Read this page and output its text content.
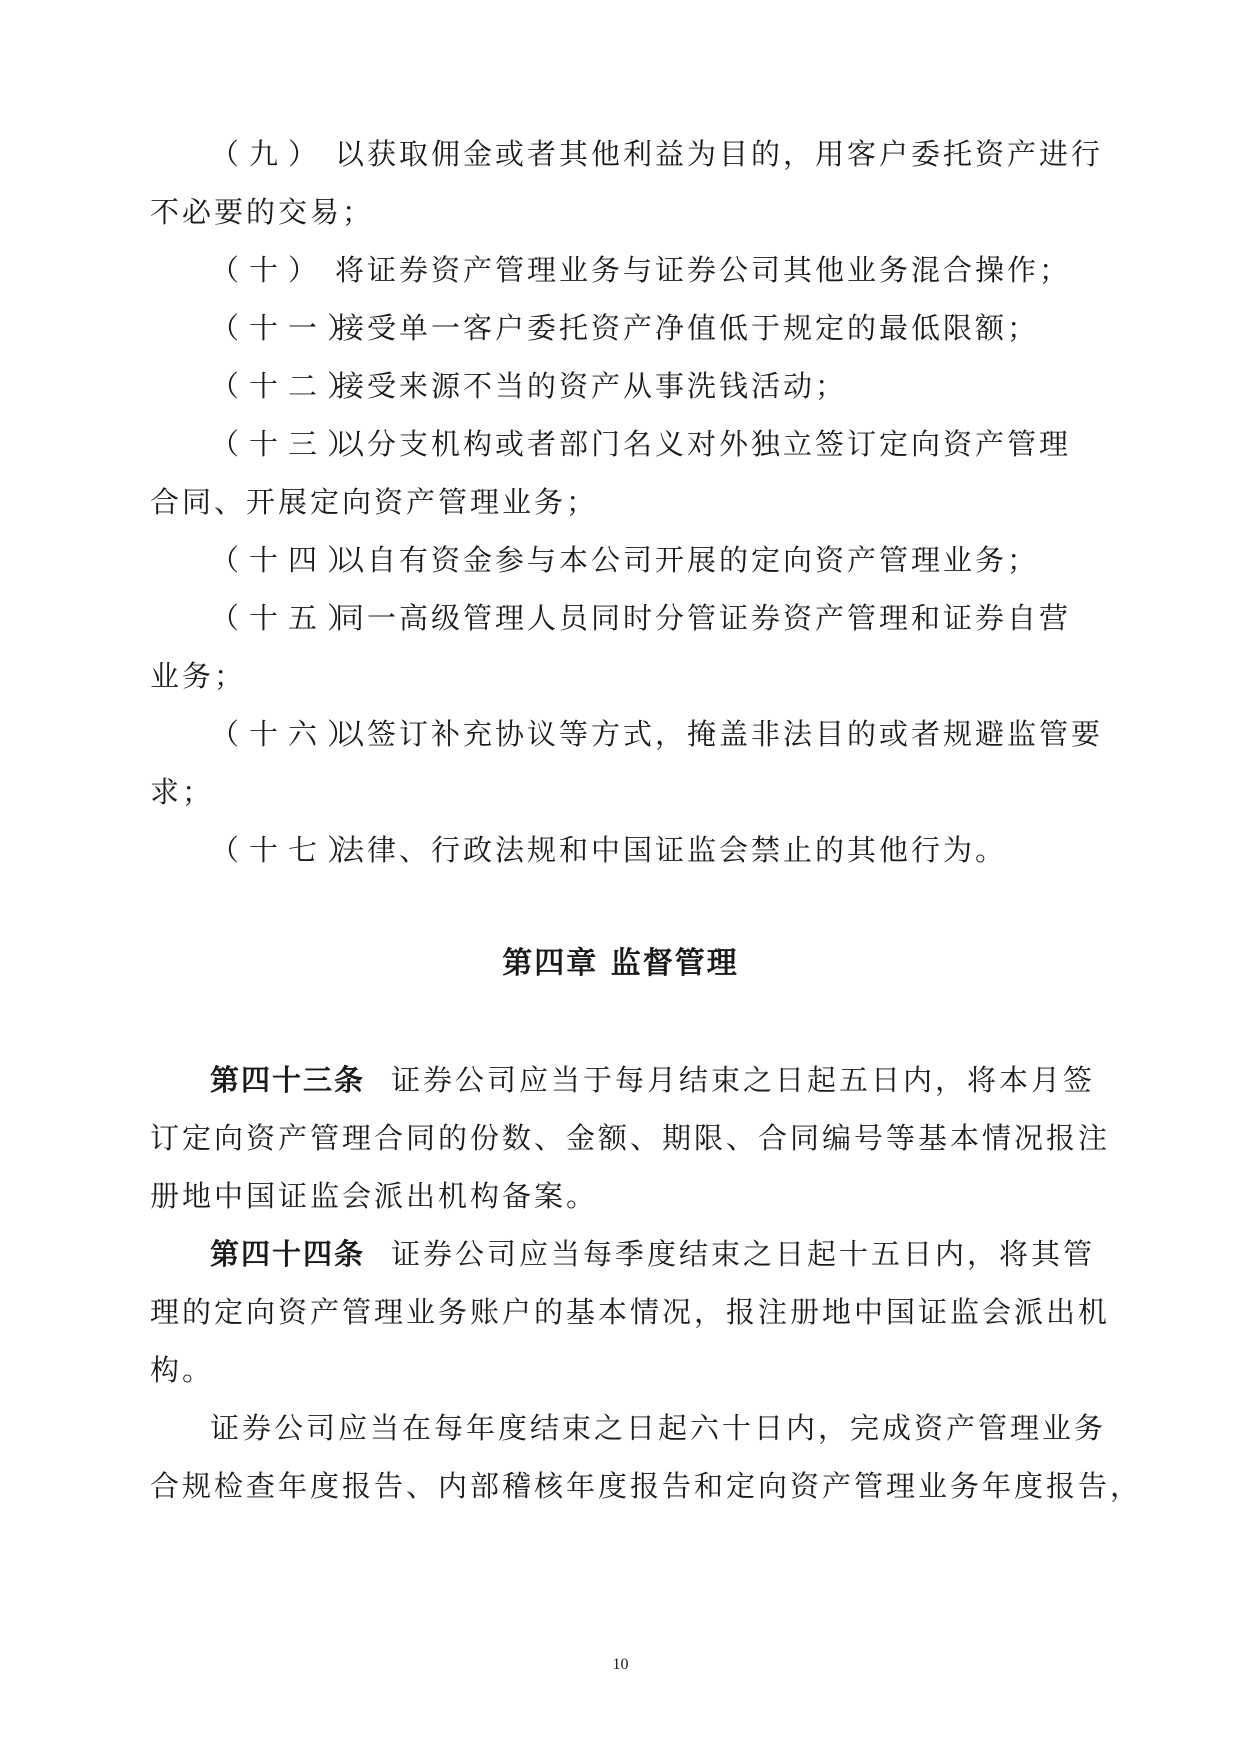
（九） 以获取佣金或者其他利益为目的，用客户委托资产进行
不必要的交易；
（十） 将证券资产管理业务与证券公司其他业务混合操作；
（十一）接受单一客户委托资产净值低于规定的最低限额；
（十二）接受来源不当的资产从事洗钱活动；
（十三）以分支机构或者部门名义对外独立签订定向资产管理
合同、开展定向资产管理业务；
（十四）以自有资金参与本公司开展的定向资产管理业务；
（十五）同一高级管理人员同时分管证券资产管理和证券自营
业务；
（十六）以签订补充协议等方式，掩盖非法目的或者规避监管要
求；
（十七）法律、行政法规和中国证监会禁止的其他行为。
第四章 监督管理
第四十三条 证券公司应当于每月结束之日起五日内，将本月签
订定向资产管理合同的份数、金额、期限、合同编号等基本情况报注
册地中国证监会派出机构备案。
第四十四条 证券公司应当每季度结束之日起十五日内，将其管
理的定向资产管理业务账户的基本情况，报注册地中国证监会派出机
构。
证券公司应当在每年度结束之日起六十日内，完成资产管理业务
合规检查年度报告、内部稽核年度报告和定向资产管理业务年度报告，
10
